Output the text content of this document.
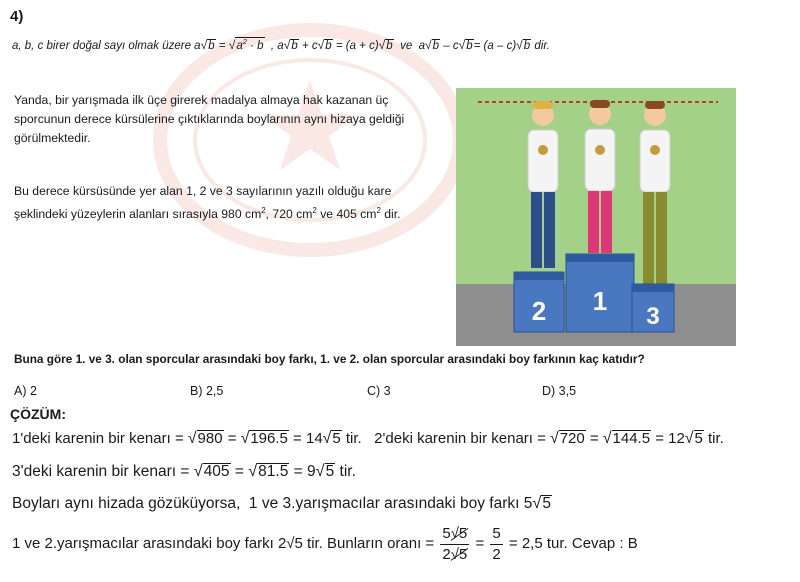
4)
a, b, c birer doğal sayı olmak üzere $a√b = √a^2 \cdot b$  , a√b + c√b = (a + c)√b  ve  a√b – c√b= (a – c)√b dir.
Yanda, bir yarışmada ilk üçe girerek madalya almaya hak kazanan üç sporcunun derece kürsülerine çıktıklarında boylarının aynı hizaya geldiği görülmektedir.
Bu derece kürsüsünde yer alan 1, 2 ve 3 sayılarının yazılı olduğu kare şeklindeki yüzeylerin alanları sırasıyla 980 $cm^2$, 720 $cm^2$ ve 405 $cm^2$ dir.
2 1
3
Buna göre 1. ve 3. olan sporcular arasındaki boy farkı, 1. ve 2. olan sporcular arasındaki boy farkının kaç katıdır?
A) 2	B) 2,5	C) 3	D) 3,5
ÇÖZÜM:
1'deki karenin bir kenarı = √980 = √196.5 = 14√5 tir.   2'deki karenin bir kenarı = √720 = √144.5 = 12√5 tir.
3'deki karenin bir kenarı = √405 = √81.5 = 9√5 tir.
Boyları aynı hizada gözüküyorsa,  1 ve 3.yarışmacılar arasındaki boy farkı 5√5
1 ve 2.yarışmacılar arasındaki boy farkı 2√5 tir. Bunların oranı = $\frac{5√5}{2√5} = \frac{5}{2} = 2,5$ tur. Cevap : B
